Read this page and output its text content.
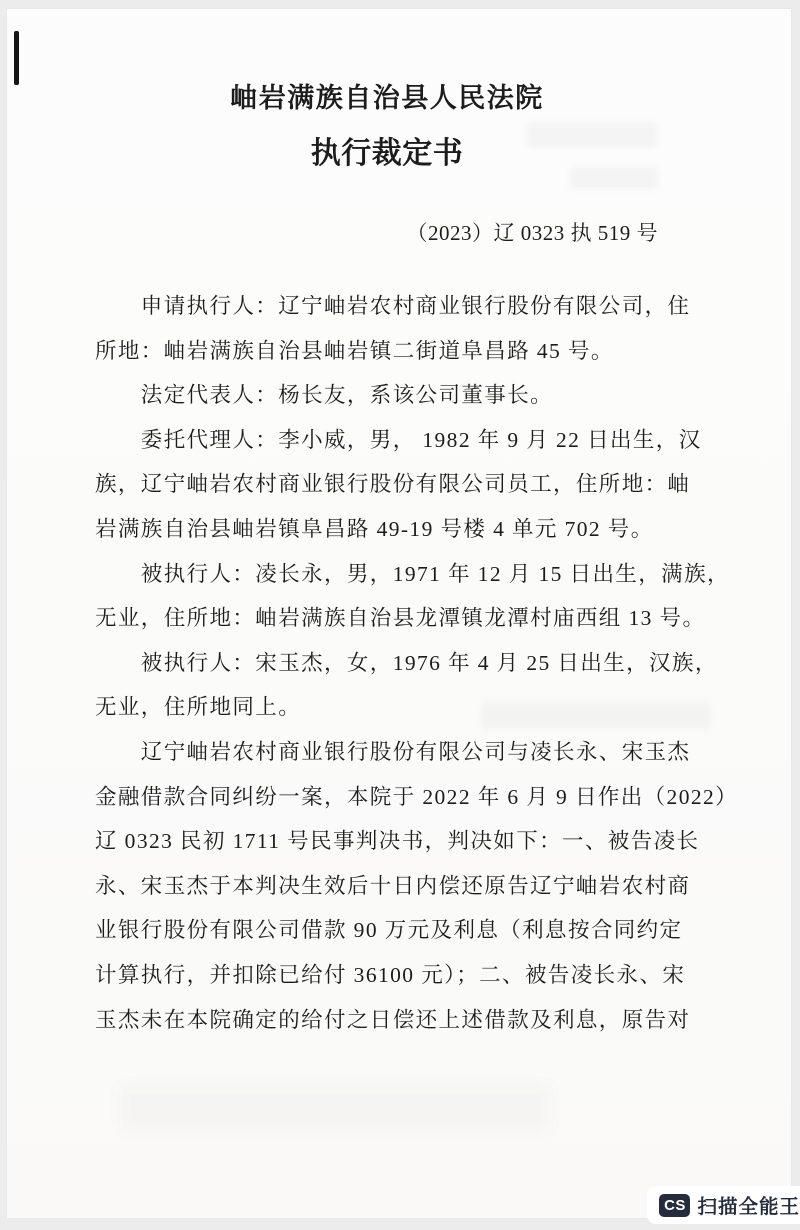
岫岩满族自治县人民法院
执行裁定书
（2023）辽 0323 执 519 号
　　申请执行人：辽宁岫岩农村商业银行股份有限公司，住
所地：岫岩满族自治县岫岩镇二街道阜昌路 45 号。
　　法定代表人：杨长友，系该公司董事长。
　　委托代理人：李小威，男， 1982 年 9 月 22 日出生，汉
族，辽宁岫岩农村商业银行股份有限公司员工，住所地：岫
岩满族自治县岫岩镇阜昌路 49-19 号楼 4 单元 702 号。
　　被执行人：凌长永，男，1971 年 12 月 15 日出生，满族，
无业，住所地：岫岩满族自治县龙潭镇龙潭村庙西组 13 号。
　　被执行人：宋玉杰，女，1976 年 4 月 25 日出生，汉族，
无业，住所地同上。
　　辽宁岫岩农村商业银行股份有限公司与凌长永、宋玉杰
金融借款合同纠纷一案，本院于 2022 年 6 月 9 日作出（2022）
辽 0323 民初 1711 号民事判决书，判决如下：一、被告凌长
永、宋玉杰于本判决生效后十日内偿还原告辽宁岫岩农村商
业银行股份有限公司借款 90 万元及利息（利息按合同约定
计算执行，并扣除已给付 36100 元）；二、被告凌长永、宋
玉杰未在本院确定的给付之日偿还上述借款及利息，原告对
CS 扫描全能王
